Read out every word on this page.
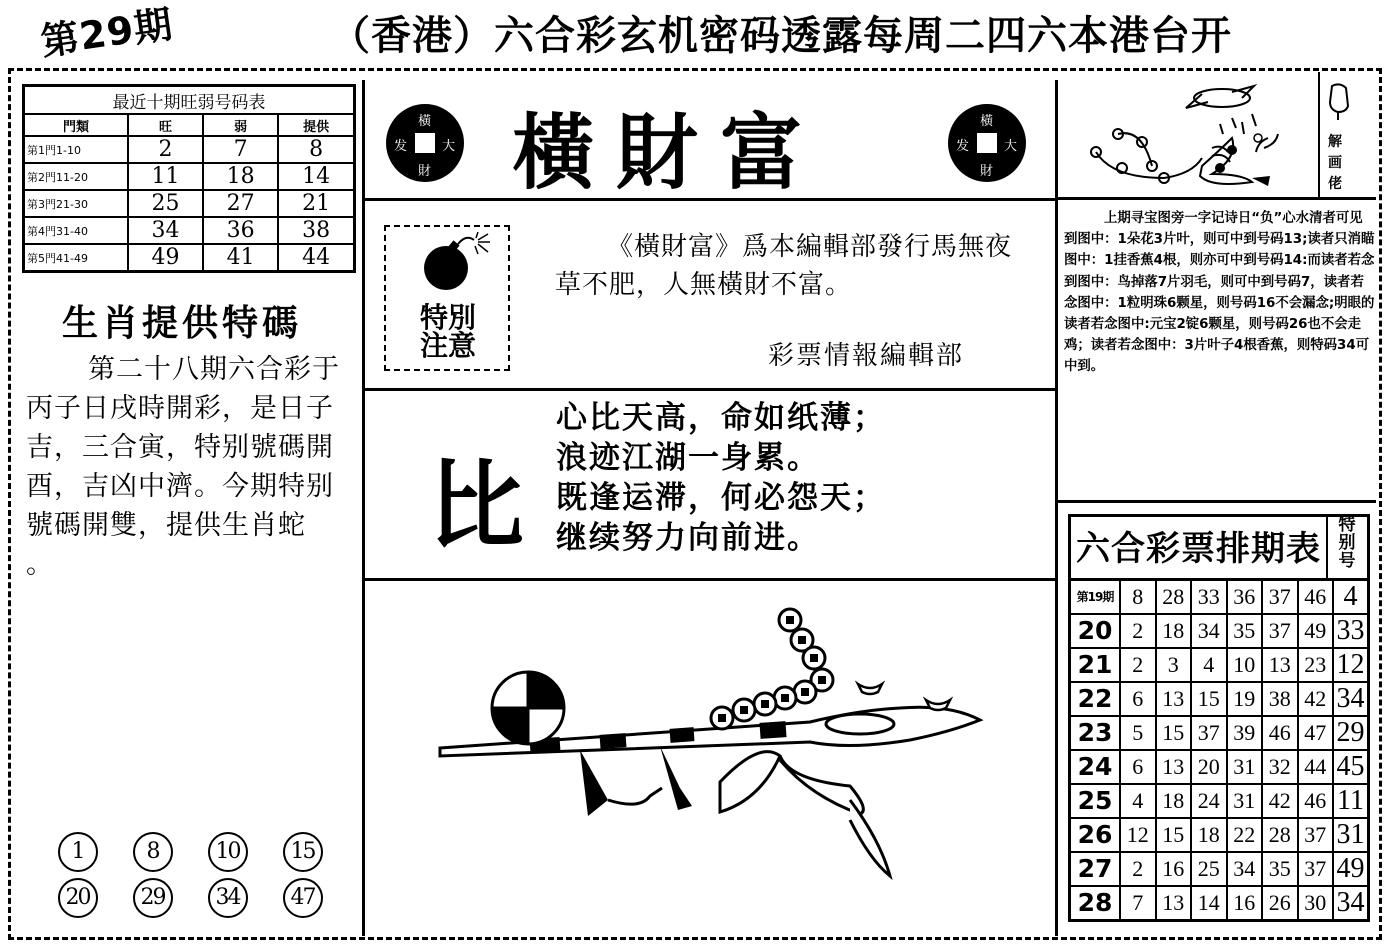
第29期	（香港）六合彩玄机密码透露每周二四六本港台开
最近十期旺弱号码表			
門類	旺	弱	提供
第1門1-10	2	7	8
第2門11-20	11	18	14
第3門21-30	25	27	21
第4門31-40	34	36	38
第5門41-49	49	41	44
生肖提供特碼
第二十八期六合彩于丙子日戌時開彩，是日子吉，三合寅，特别號碼開酉，吉凶中濟。今期特别號碼開雙，提供生肖蛇
。
1	8	10	15
20	29	34	47
橫
大
財
发 橫財富	橫
大
財
发
特別
注意
《橫財富》爲本編輯部發行馬無夜草不肥，人無橫財不富。
彩票情報編輯部
比
心比天高，命如纸薄；
浪迹江湖一身累。
既逢运滞，何必怨天；
继续努力向前进。
解
画
佬
上期寻宝图旁一字记诗日“负”心水清者可见到图中：1朵花3片叶，则可中到号码13;读者只消瞄图中：1挂香蕉4根，则亦可中到号码14:而读者若念到图中：鸟掉落7片羽毛，则可中到号码7，读者若念图中：1粒明珠6颗星，则号码16不会漏念;明眼的读者若念图中:元宝2锭6颗星，则号码26也不会走鸡；读者若念图中：3片叶子4根香蕉，则特码34可中到。
六合彩票排期表
特
别
号
第19期	8	28	33	36	37	46	4
20	2	18	34	35	37	49	33
21	2	3	4	10	13	23	12
22	6	13	15	19	38	42	34
23	5	15	37	39	46	47	29
24	6	13	20	31	32	44	45
25	4	18	24	31	42	46	11
26	12	15	18	22	28	37	31
27	2	16	25	34	35	37	49
28	7	13	14	16	26	30	34
